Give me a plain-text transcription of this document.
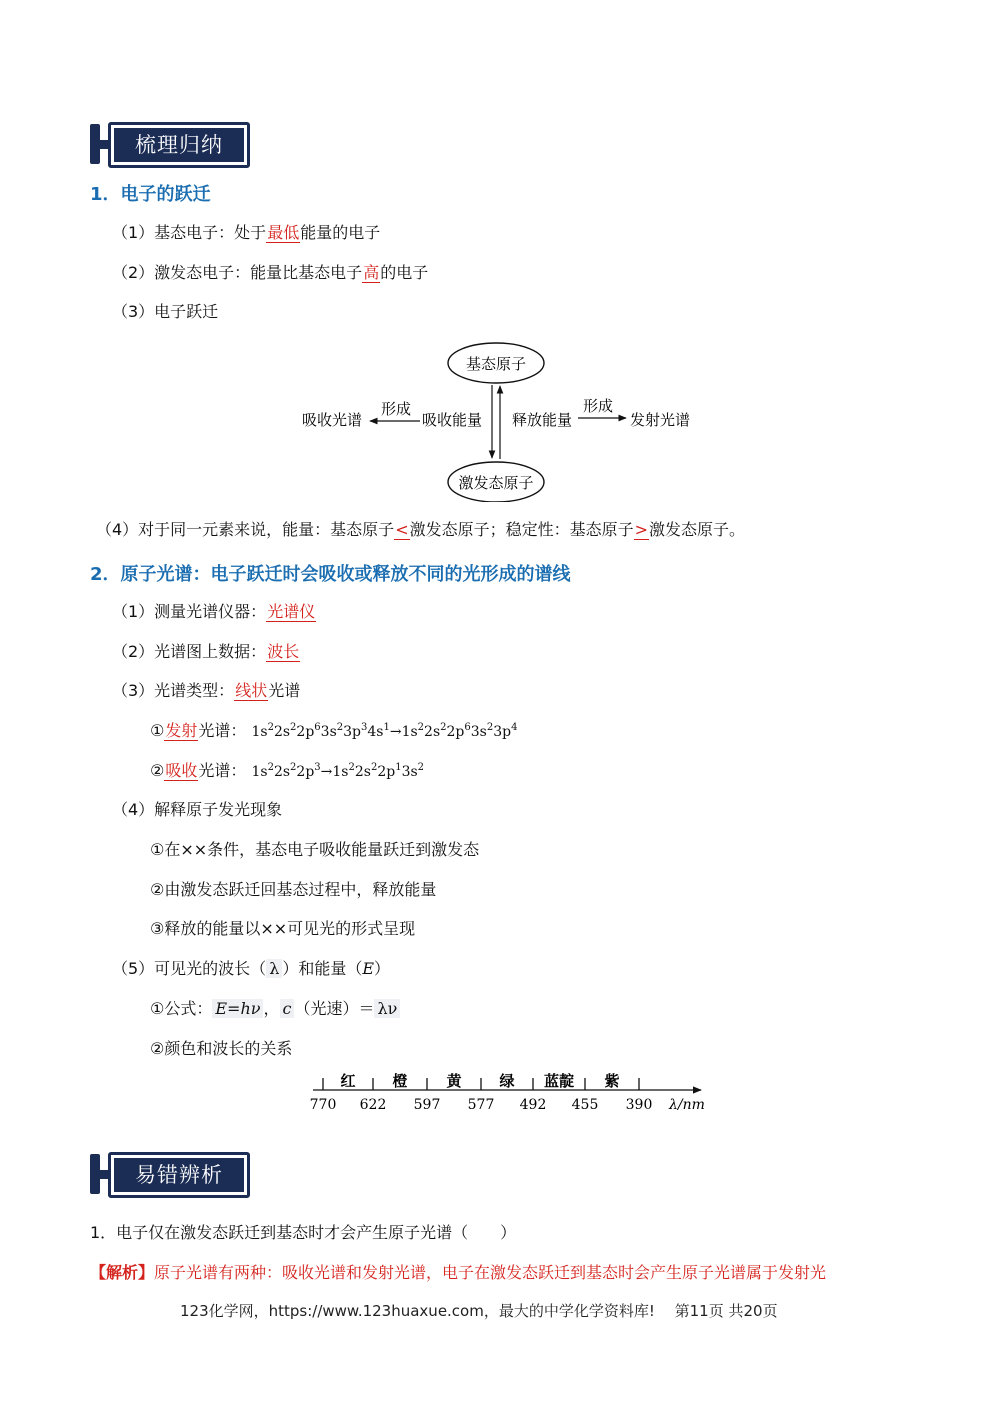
梳理归纳
1．电子的跃迁
（1）基态电子：处于最低能量的电子
（2）激发态电子：能量比基态电子高的电子
（3）电子跃迁
基态原子
激发态原子
吸收光谱
形成
吸收能量 释放能量
形成
发射光谱
（4）对于同一元素来说，能量：基态原子<激发态原子；稳定性：基态原子>激发态原子。
2．原子光谱：电子跃迁时会吸收或释放不同的光形成的谱线
（1）测量光谱仪器：光谱仪
（2）光谱图上数据：波长
（3）光谱类型：线状光谱
①发射光谱： $1s^22s^22p^63s^23p^34s^1\to 1s^22s^22p^63s^23p^4$
②吸收光谱： $1s^22s^22p^3\to 1s^22s^22p^13s^2$
（4）解释原子发光现象
①在××条件，基态电子吸收能量跃迁到激发态
②由激发态跃迁回基态过程中，释放能量
③释放的能量以××可见光的形式呈现
（5）可见光的波长（ λ ）和能量（E）
①公式： E=hν ， c （光速）＝ λν
②颜色和波长的关系
770 622 597 577 492 455 390
红 橙	黄	绿 蓝靛 紫
λ/nm
易错辨析
1．电子仅在激发态跃迁到基态时才会产生原子光谱（　　）
【解析】原子光谱有两种：吸收光谱和发射光谱，电子在激发态跃迁到基态时会产生原子光谱属于发射光
123化学网，https://www.123huaxue.com，最大的中学化学资料库!　 第11页 共20页
